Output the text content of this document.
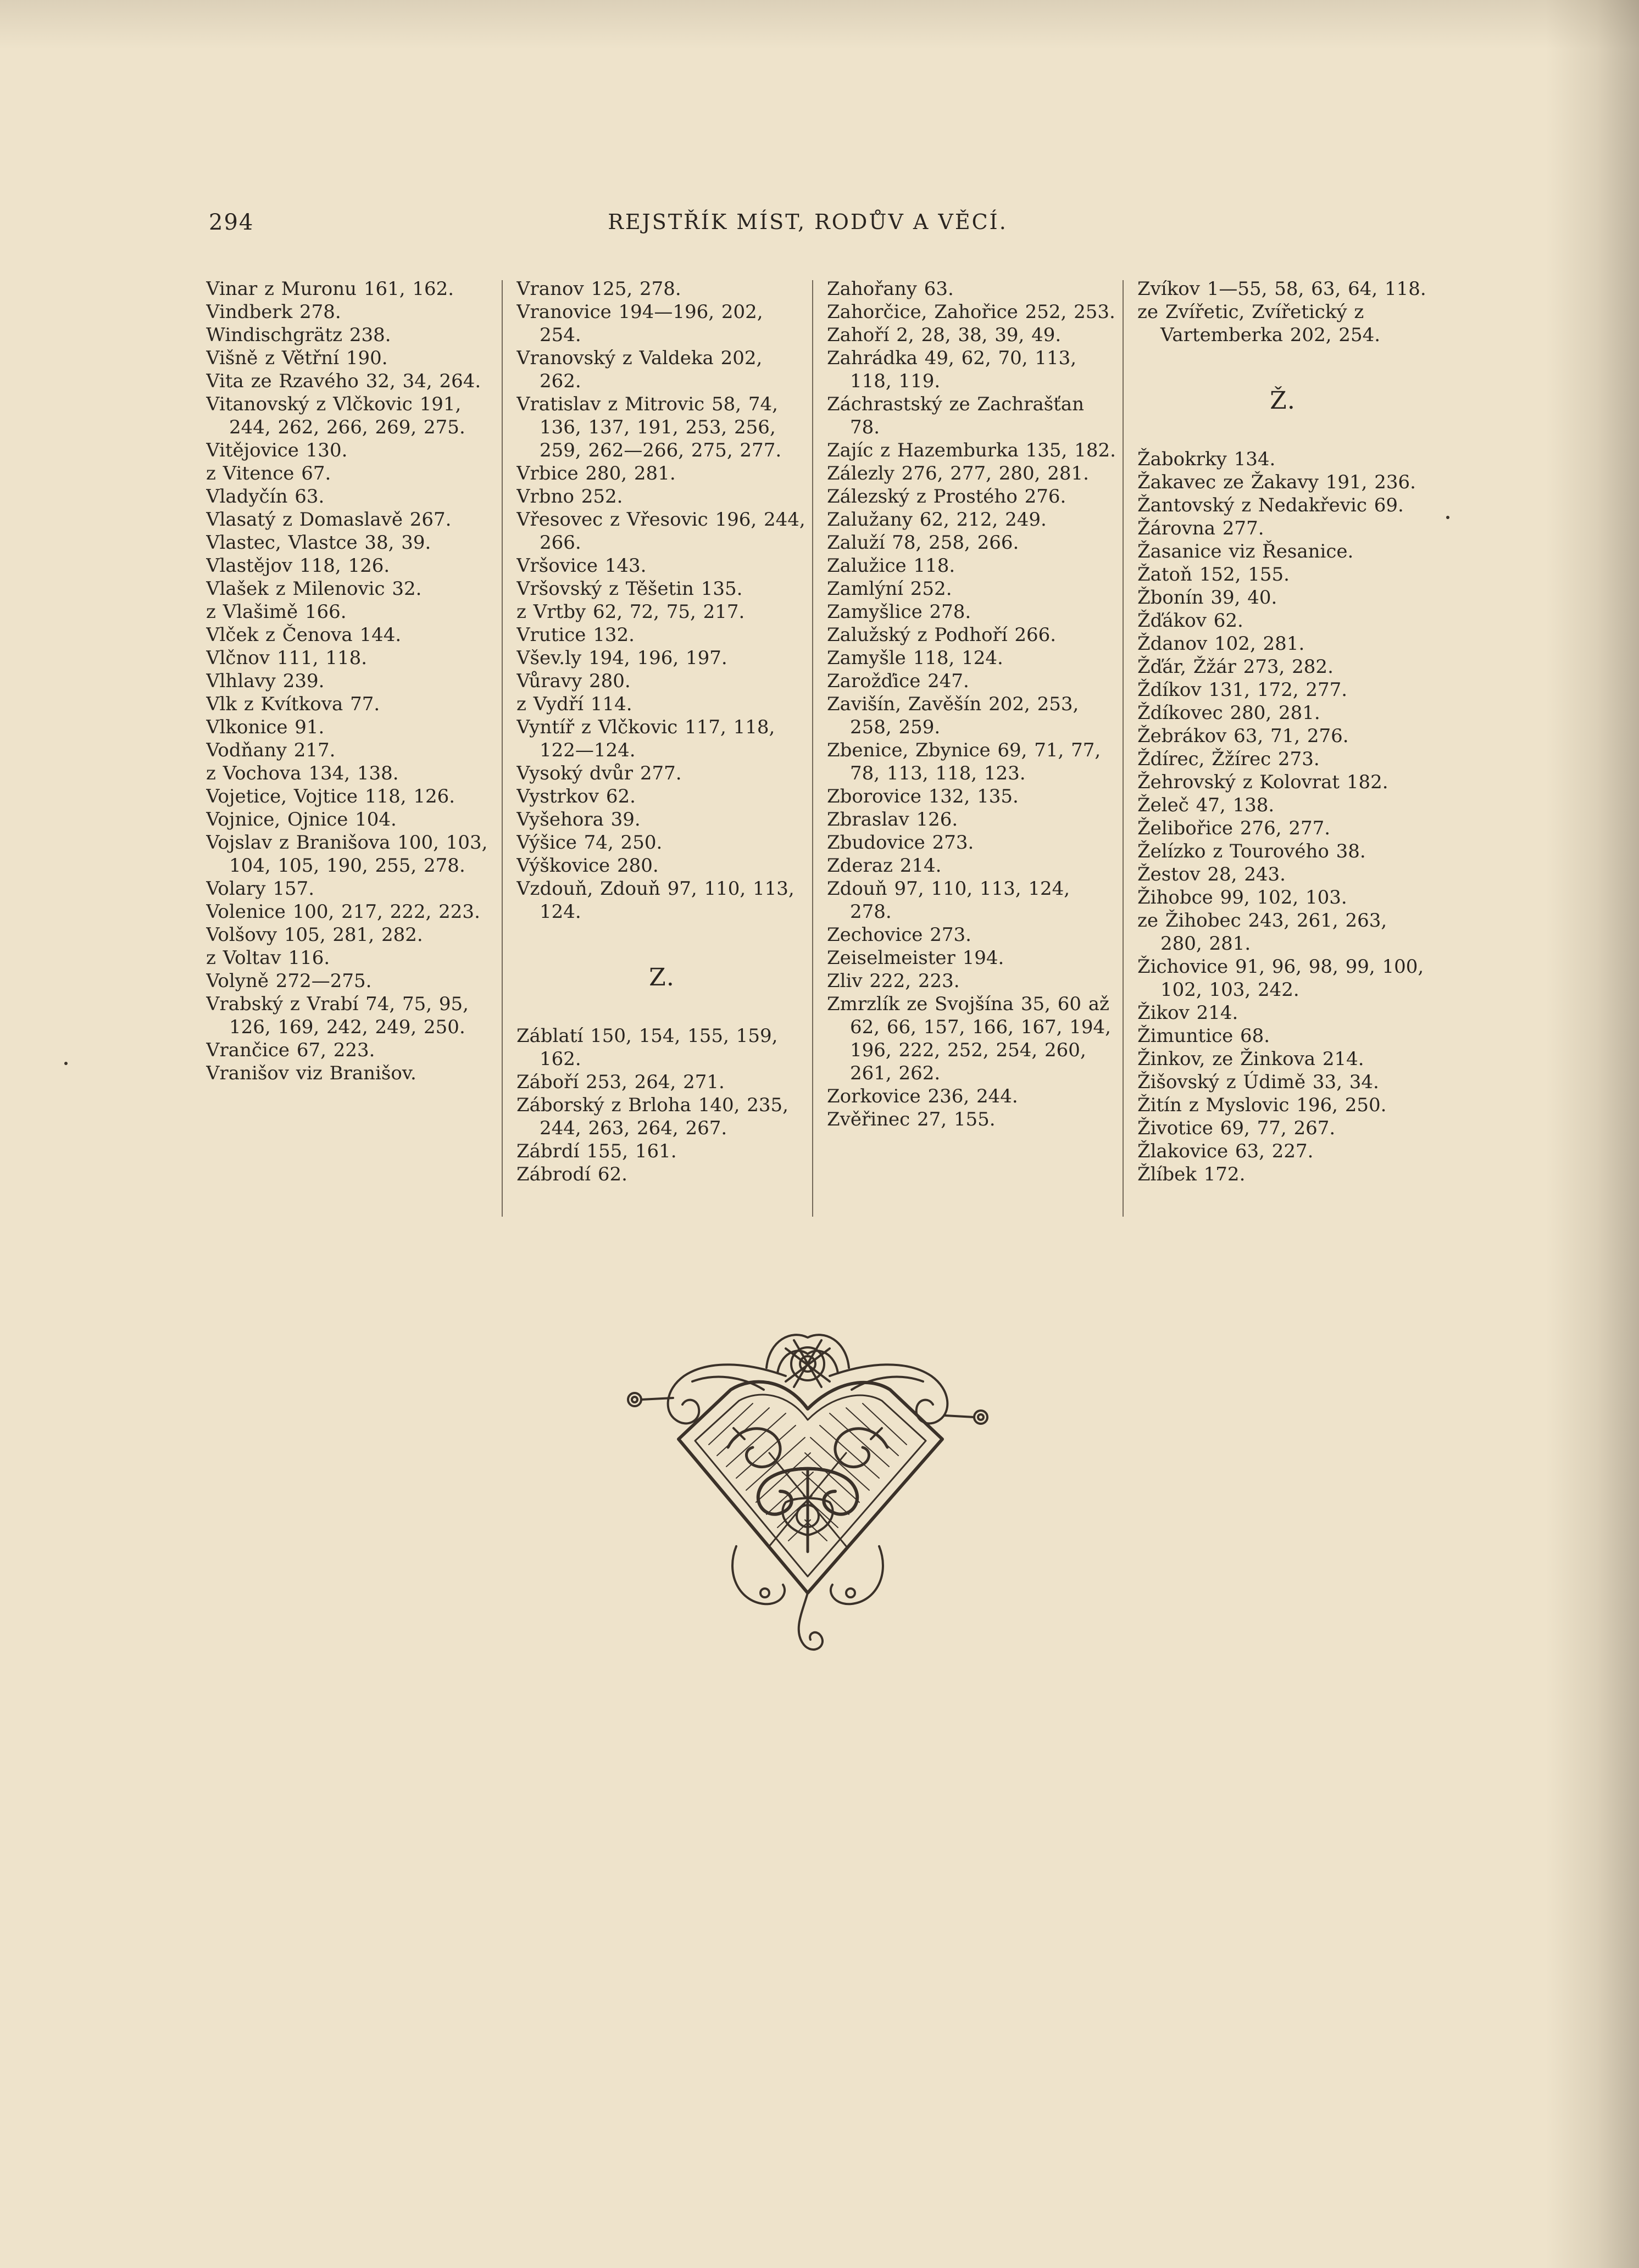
REJSTŘÍK MÍST, RODŮV A VĚCÍ.
294

Vinar z Muronu 161, 162.

Vindberk 278.

Windischgrätz 238.

Višně z Větřní 190.

Vita ze Rzavého 32, 34, 264.

Vitanovský z Vlčkovic 191, 244, 262, 266, 269, 275.

Vitějovice 130.

z Vitence 67.

Vladyčín 63.

Vlasatý z Domaslavě 267.

Vlastec, Vlastce 38, 39.

Vlastějov 118, 126.

Vlašek z Milenovic 32.

z Vlašimě 166.

Vlček z Čenova 144.

Vlčnov 111, 118.

Vlhlavy 239.

Vlk z Kvítkova 77.

Vlkonice 91.

Vodňany 217.

z Vochova 134, 138.

Vojetice, Vojtice 118, 126.

Vojnice, Ojnice 104.

Vojslav z Branišova 100, 103, 104, 105, 190, 255, 278.

Volary 157.

Volenice 100, 217, 222, 223.

Volšovy 105, 281, 282.

z Voltav 116.

Volyně 272—275.

Vrabský z Vrabí 74, 75, 95, 126, 169, 242, 249, 250.

Vrančice 67, 223.

Vranišov viz Branišov.

Vranov 125, 278.

Vranovice 194—196, 202, 254.

Vranovský z Valdeka 202, 262.

Vratislav z Mitrovic 58, 74, 136, 137, 191, 253, 256, 259, 262—266, 275, 277.

Vrbice 280, 281.

Vrbno 252.

Vřesovec z Vřesovic 196, 244, 266.

Vršovice 143.

Vršovský z Těšetin 135.

z Vrtby 62, 72, 75, 217.

Vrutice 132.

Všev.ly 194, 196, 197.

Vůravy 280.

z Vydří 114.

Vyntíř z Vlčkovic 117, 118, 122—124.

Vysoký dvůr 277.

Vystrkov 62.

Vyšehora 39.

Výšice 74, 250.

Výškovice 280.

Vzdouň, Zdouň 97, 110, 113, 124.

Z.

Záblatí 150, 154, 155, 159, 162.

Záboří 253, 264, 271.

Záborský z Brloha 140, 235, 244, 263, 264, 267.

Zábrdí 155, 161.

Zábrodí 62.

Zahořany 63.

Zahorčice, Zahořice 252, 253.

Zahoří 2, 28, 38, 39, 49.

Zahrádka 49, 62, 70, 113, 118, 119.

Záchrastský ze Zachrašťan 78.

Zajíc z Hazemburka 135, 182.

Zálezly 276, 277, 280, 281.

Zálezský z Prostého 276.

Zalužany 62, 212, 249.

Zaluží 78, 258, 266.

Zalužice 118.

Zamlýní 252.

Zamyšlice 278.

Zalužský z Podhoří 266.

Zamyšle 118, 124.

Zarožďice 247.

Zavišín, Zavěšín 202, 253, 258, 259.

Zbenice, Zbynice 69, 71, 77, 78, 113, 118, 123.

Zborovice 132, 135.

Zbraslav 126.

Zbudovice 273.

Zderaz 214.

Zdouň 97, 110, 113, 124, 278.

Zechovice 273.

Zeiselmeister 194.

Zliv 222, 223.

Zmrzlík ze Svojšína 35, 60 až 62, 66, 157, 166, 167, 194, 196, 222, 252, 254, 260, 261, 262.

Zorkovice 236, 244.

Zvěřinec 27, 155.

Zvíkov 1—55, 58, 63, 64, 118.

ze Zvířetic, Zvířetický z Vartemberka 202, 254.

Ž.

Žabokrky 134.

Žakavec ze Žakavy 191, 236.

Žantovský z Nedakřevic 69.

Žárovna 277.

Žasanice viz Řesanice.

Žatoň 152, 155.

Žbonín 39, 40.

Žďákov 62.

Ždanov 102, 281.

Žďár, Žžár 273, 282.

Ždíkov 131, 172, 277.

Ždíkovec 280, 281.

Žebrákov 63, 71, 276.

Ždírec, Žžírec 273.

Žehrovský z Kolovrat 182.

Želeč 47, 138.

Želibořice 276, 277.

Želízko z Tourového 38.

Žestov 28, 243.

Žihobce 99, 102, 103.

ze Žihobec 243, 261, 263, 280, 281.

Žichovice 91, 96, 98, 99, 100, 102, 103, 242.

Žikov 214.

Žimuntice 68.

Žinkov, ze Žinkova 214.

Žišovský z Údimě 33, 34.

Žitín z Myslovic 196, 250.

Životice 69, 77, 267.

Žlakovice 63, 227.

Žlíbek 172.
